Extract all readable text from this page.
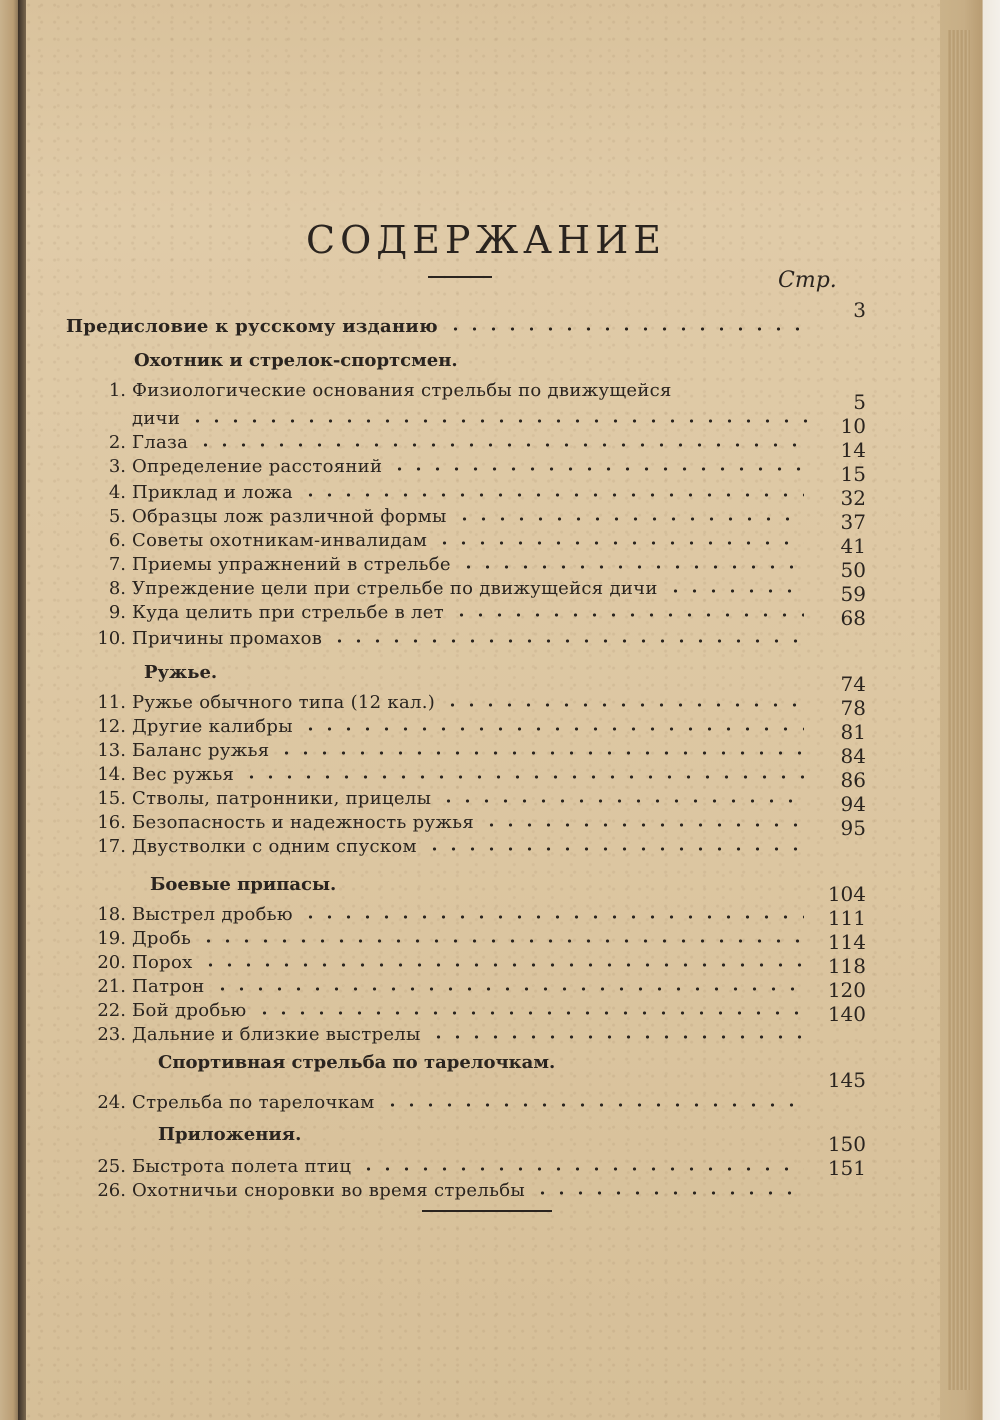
СОДЕРЖАНИЕ
Стр.
Предисловие к русскому изданию
3
Охотник и стрелок-спортсмен.
1. Физиологические основания стрельбы по движущейся
дичи
2. Глаза
3. Определение расстояний
4. Приклад и ложа
5. Образцы лож различной формы
6. Советы охотникам-инвалидам
7. Приемы упражнений в стрельбе
8. Упреждение цели при стрельбе по движущейся дичи
9. Куда целить при стрельбе в лет
10. Причины промахов
5
10
14
15
32
37
41
50
59
68
Ружье.
11. Ружье обычного типа (12 кал.)
12. Другие калибры
13. Баланс ружья
14. Вес ружья
15. Стволы, патронники, прицелы
16. Безопасность и надежность ружья
17. Двустволки с одним спуском
74
78
81
84
86
94
95
Боевые припасы.
18. Выстрел дробью
19. Дробь
20. Порох
21. Патрон
22. Бой дробью
23. Дальние и близкие выстрелы
104
111
114
118
120
140
Спортивная стрельба по тарелочкам.
24. Стрельба по тарелочкам
145
Приложения.
25. Быстрота полета птиц
26. Охотничьи сноровки во время стрельбы
150
151
